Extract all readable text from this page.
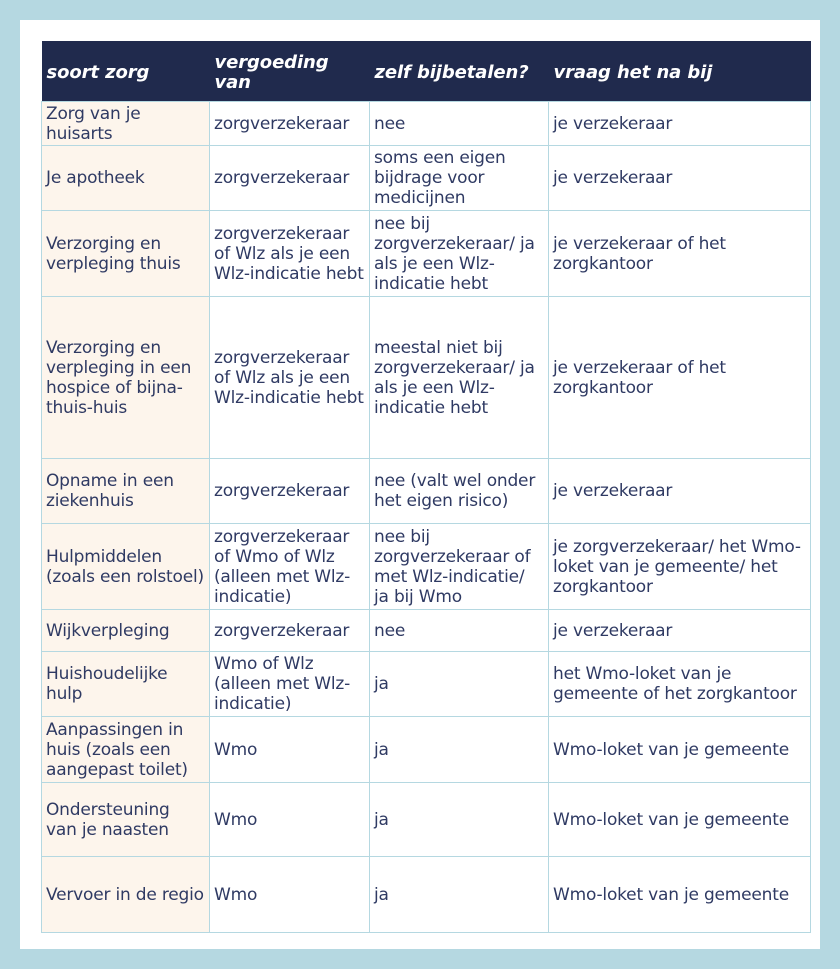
soort zorg	vergoeding van	zelf bijbetalen?	vraag het na bij
Zorg van je huisarts	zorgverzekeraar	nee	je verzekeraar
Je apotheek	zorgverzekeraar	soms een eigen bijdrage voor medicijnen	je verzekeraar
Verzorging en verpleging thuis	zorgverzekeraar of Wlz als je een Wlz-indicatie hebt	nee bij zorgverzekeraar/ ja als je een Wlz-indicatie hebt	je verzekeraar of het zorgkantoor
Verzorging en verpleging in een hospice of bijna-thuis-huis	zorgverzekeraar of Wlz als je een Wlz-indicatie hebt	meestal niet bij zorgverzekeraar/ ja als je een Wlz-indicatie hebt	je verzekeraar of het zorgkantoor
Opname in een ziekenhuis	zorgverzekeraar	nee (valt wel onder het eigen risico)	je verzekeraar
Hulpmiddelen (zoals een rolstoel)	zorgverzekeraar of Wmo of Wlz (alleen met Wlz-indicatie)	nee bij zorgverzekeraar of met Wlz-indicatie/ ja bij Wmo	je zorgverzekeraar/ het Wmo-loket van je gemeente/ het zorgkantoor
Wijkverpleging	zorgverzekeraar	nee	je verzekeraar
Huishoudelijke hulp	Wmo of Wlz (alleen met Wlz-indicatie)	ja	het Wmo-loket van je gemeente of het zorgkantoor
Aanpassingen in huis (zoals een aangepast toilet)	Wmo	ja	Wmo-loket van je gemeente
Ondersteuning van je naasten	Wmo	ja	Wmo-loket van je gemeente
Vervoer in de regio	Wmo	ja	Wmo-loket van je gemeente
